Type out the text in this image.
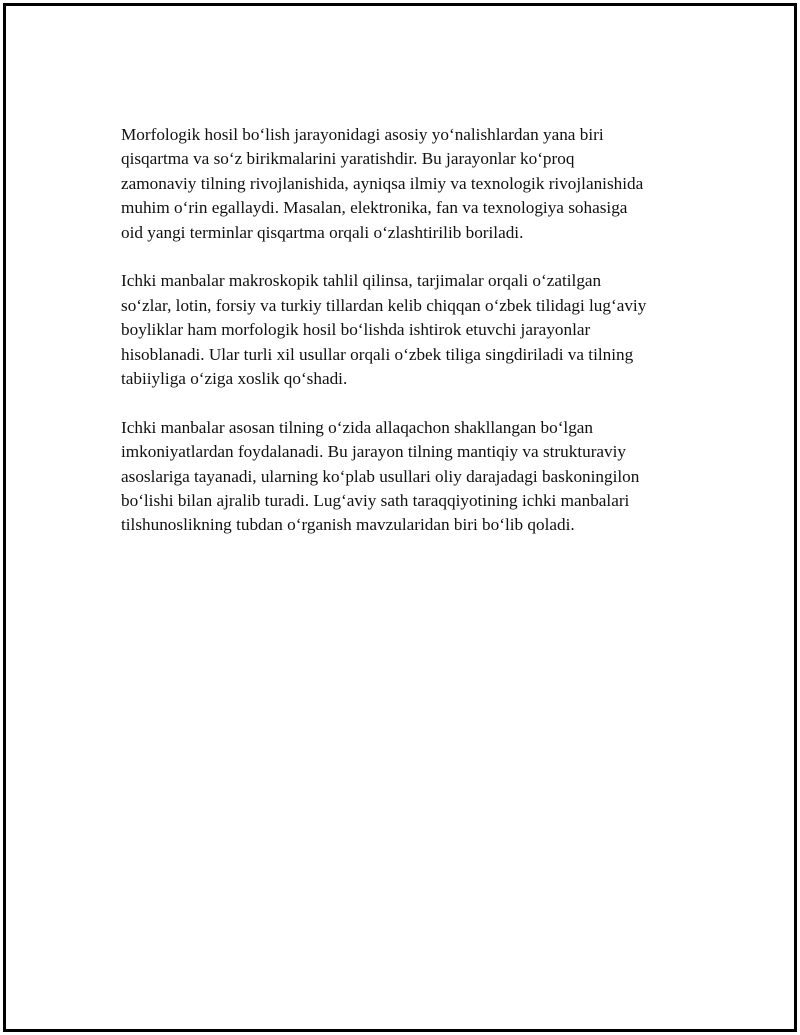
Morfologik hosil bo‘lish jarayonidagi asosiy yo‘nalishlardan yana biri
qisqartma va so‘z birikmalarini yaratishdir. Bu jarayonlar ko‘proq
zamonaviy tilning rivojlanishida, ayniqsa ilmiy va texnologik rivojlanishida
muhim o‘rin egallaydi. Masalan, elektronika, fan va texnologiya sohasiga
oid yangi terminlar qisqartma orqali o‘zlashtirilib boriladi.

Ichki manbalar makroskopik tahlil qilinsa, tarjimalar orqali o‘zatilgan
so‘zlar, lotin, forsiy va turkiy tillardan kelib chiqqan o‘zbek tilidagi lug‘aviy
boyliklar ham morfologik hosil bo‘lishda ishtirok etuvchi jarayonlar
hisoblanadi. Ular turli xil usullar orqali o‘zbek tiliga singdiriladi va tilning
tabiiyliga o‘ziga xoslik qo‘shadi.

Ichki manbalar asosan tilning o‘zida allaqachon shakllangan bo‘lgan
imkoniyatlardan foydalanadi. Bu jarayon tilning mantiqiy va strukturaviy
asoslariga tayanadi, ularning ko‘plab usullari oliy darajadagi baskoningilon
bo‘lishi bilan ajralib turadi. Lug‘aviy sath taraqqiyotining ichki manbalari
tilshunoslikning tubdan o‘rganish mavzularidan biri bo‘lib qoladi.
